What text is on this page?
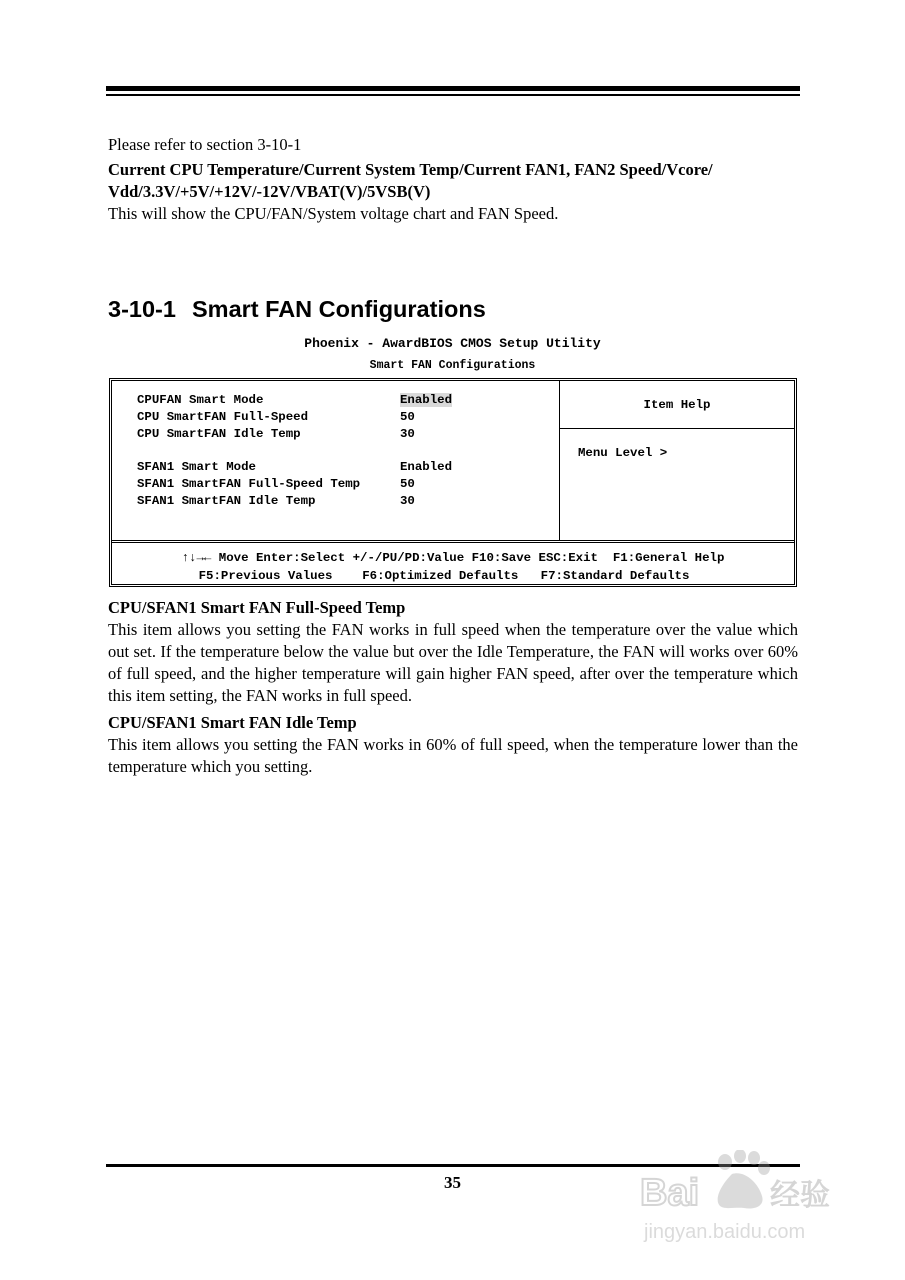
Please refer to section 3-10-1
Current CPU Temperature/Current System Temp/Current FAN1, FAN2 Speed/Vcore/ Vdd/3.3V/+5V/+12V/-12V/VBAT(V)/5VSB(V)
This will show the CPU/FAN/System voltage chart and FAN Speed.
3-10-1 Smart FAN Configurations
Phoenix - AwardBIOS CMOS Setup Utility
Smart FAN Configurations
CPUFAN Smart Mode	Enabled
CPU SmartFAN Full-Speed	50
CPU SmartFAN Idle Temp	30
SFAN1 Smart Mode	Enabled
SFAN1 SmartFAN Full-Speed Temp	50
SFAN1 SmartFAN Idle Temp	30
Item Help
Menu Level >
↑↓→← Move Enter:Select +/-/PU/PD:Value F10:Save ESC:Exit  F1:General Help
F5:Previous Values    F6:Optimized Defaults   F7:Standard Defaults
CPU/SFAN1 Smart FAN Full-Speed Temp
This item allows you setting the FAN works in full speed when the temperature over the value which out set. If the temperature below the value but over the Idle Temperature, the FAN will works over 60% of full speed, and the higher temperature will gain higher FAN speed, after over the temperature which this item setting, the FAN works in full speed.
CPU/SFAN1 Smart FAN Idle Temp
This item allows you setting the FAN works in 60% of full speed, when the temperature lower than the temperature which you setting.
35	Bai 经验
jingyan.baidu.com
